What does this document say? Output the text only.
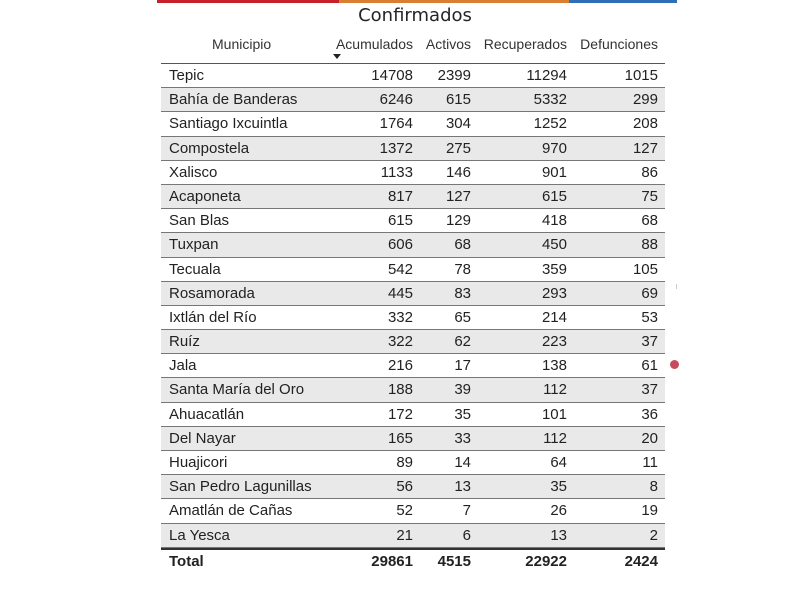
Confirmados
Municipio	Acumulados Activos Recuperados Defunciones
Tepic	14708 2399	11294	1015
Bahía de Banderas	6246 615	5332	299
Santiago Ixcuintla	1764 304	1252	208
Compostela	1372 275	970	127
Xalisco	1133 146	901	86
Acaponeta	817 127	615	75
San Blas	615 129	418	68
Tuxpan	606	68	450	88
Tecuala	542	78	359	105
Rosamorada	445	83	293	69
Ixtlán del Río	332	65	214	53
Ruíz	322	62	223	37
Jala	216	17	138	61
Santa María del Oro	188	39	112	37
Ahuacatlán	172	35	101	36
Del Nayar	165	33	112	20
Huajicori	89	14	64	11
San Pedro Lagunillas	56	13	35	8
Amatlán de Cañas	52	7	26	19
La Yesca	21	6	13	2
Total	29861 4515	22922	2424
